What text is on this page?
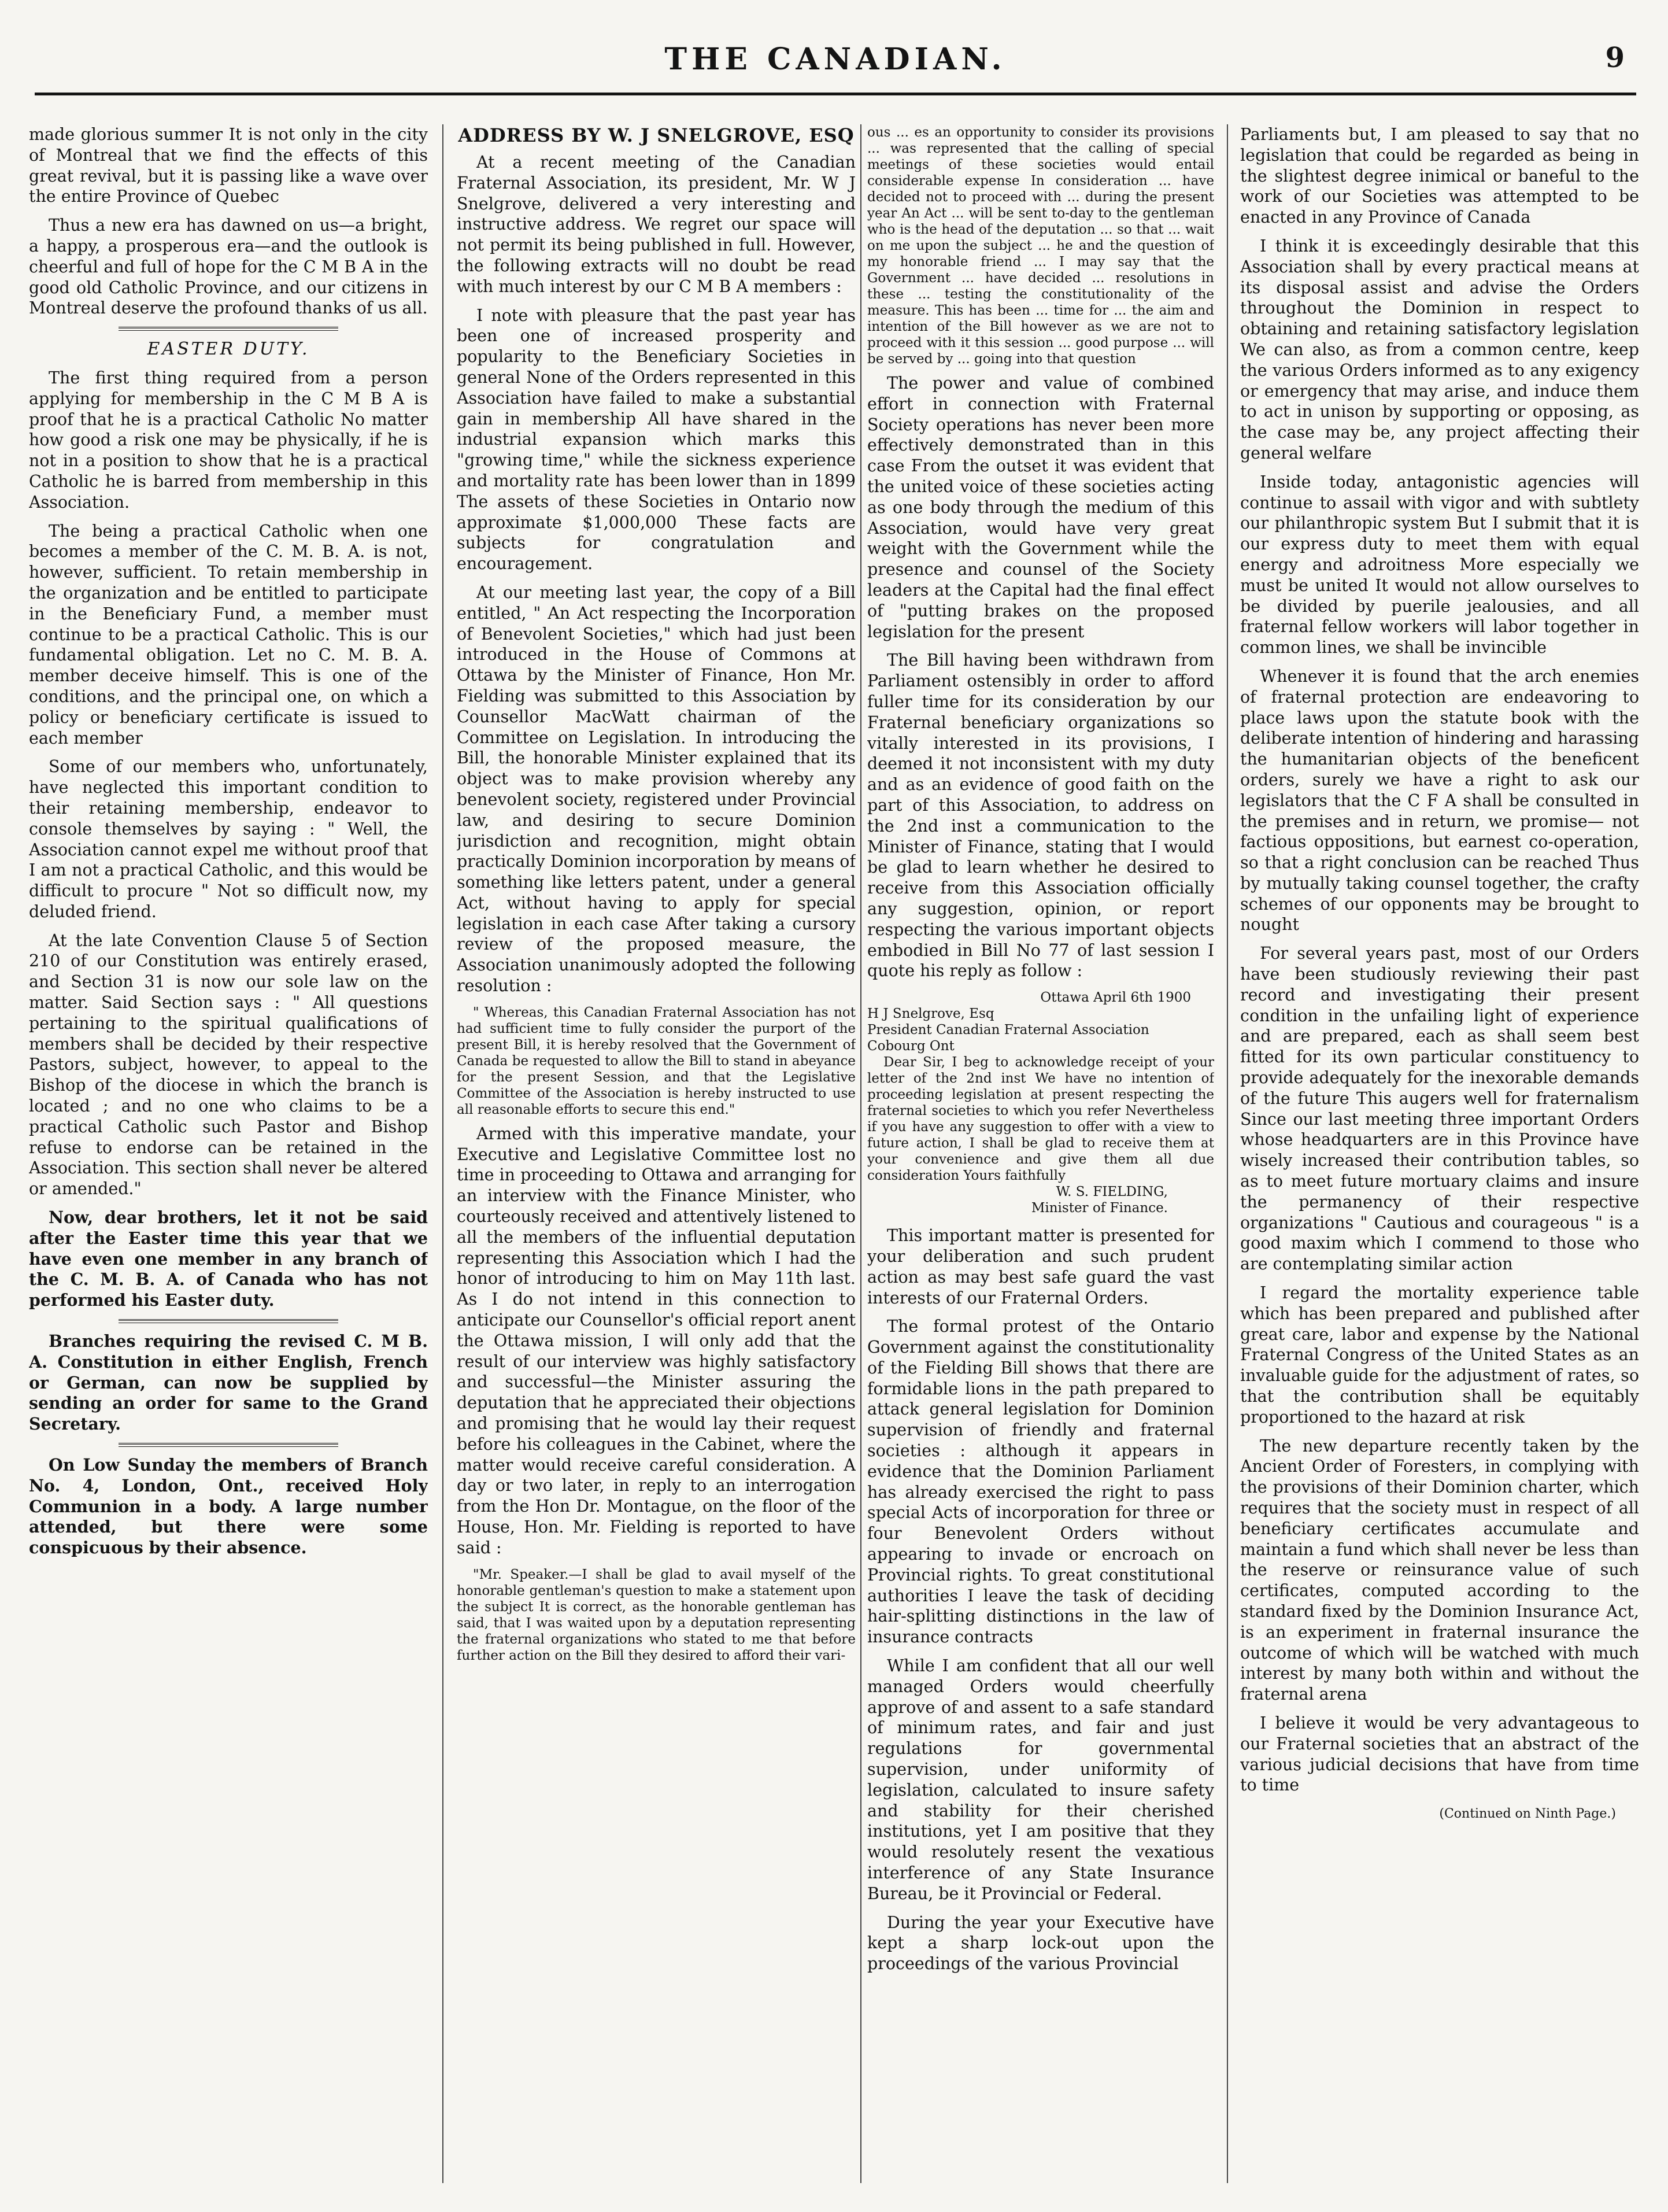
THE CANADIAN.	9

made glorious summer It is not only in the city of Montreal that we find the effects of this great revival, but it is passing like a wave over the entire Province of Quebec

Thus a new era has dawned on us—a bright, a happy, a prosperous era—and the outlook is cheerful and full of hope for the C M B A in the good old Catholic Province, and our citizens in Montreal deserve the profound thanks of us all.

EASTER DUTY.

The first thing required from a person applying for membership in the C M B A is proof that he is a practical Catholic No matter how good a risk one may be physically, if he is not in a position to show that he is a practical Catholic he is barred from membership in this Association.

The being a practical Catholic when one becomes a member of the C. M. B. A. is not, however, sufficient. To retain membership in the organization and be entitled to participate in the Beneficiary Fund, a member must continue to be a practical Catholic. This is our fundamental obligation. Let no C. M. B. A. member deceive himself. This is one of the conditions, and the principal one, on which a policy or beneficiary certificate is issued to each member

Some of our members who, unfortunately, have neglected this important condition to their retaining membership, endeavor to console themselves by saying : " Well, the Association cannot expel me without proof that I am not a practical Catholic, and this would be difficult to procure " Not so difficult now, my deluded friend.

At the late Convention Clause 5 of Section 210 of our Constitution was entirely erased, and Section 31 is now our sole law on the matter. Said Section says : " All questions pertaining to the spiritual qualifications of members shall be decided by their respective Pastors, subject, however, to appeal to the Bishop of the diocese in which the branch is located ; and no one who claims to be a practical Catholic such Pastor and Bishop refuse to endorse can be retained in the Association. This section shall never be altered or amended."

Now, dear brothers, let it not be said after the Easter time this year that we have even one member in any branch of the C. M. B. A. of Canada who has not performed his Easter duty.

Branches requiring the revised C. M B. A. Constitution in either English, French or German, can now be supplied by sending an order for same to the Grand Secretary.

On Low Sunday the members of Branch No. 4, London, Ont., received Holy Communion in a body. A large number attended, but there were some conspicuous by their absence.

ADDRESS BY W. J SNELGROVE, ESQ

At a recent meeting of the Canadian Fraternal Association, its president, Mr. W J Snelgrove, delivered a very interesting and instructive address. We regret our space will not permit its being published in full. However, the following extracts will no doubt be read with much interest by our C M B A members :

I note with pleasure that the past year has been one of increased prosperity and popularity to the Beneficiary Societies in general None of the Orders represented in this Association have failed to make a substantial gain in membership All have shared in the industrial expansion which marks this "growing time," while the sickness experience and mortality rate has been lower than in 1899 The assets of these Societies in Ontario now approximate $1,000,000 These facts are subjects for congratulation and encouragement.

At our meeting last year, the copy of a Bill entitled, " An Act respecting the Incorporation of Benevolent Societies," which had just been introduced in the House of Commons at Ottawa by the Minister of Finance, Hon Mr. Fielding was submitted to this Association by Counsellor MacWatt chairman of the Committee on Legislation. In introducing the Bill, the honorable Minister explained that its object was to make provision whereby any benevolent society, registered under Provincial law, and desiring to secure Dominion jurisdiction and recognition, might obtain practically Dominion incorporation by means of something like letters patent, under a general Act, without having to apply for special legislation in each case After taking a cursory review of the proposed measure, the Association unanimously adopted the following resolution :

" Whereas, this Canadian Fraternal Association has not had sufficient time to fully consider the purport of the present Bill, it is hereby resolved that the Government of Canada be requested to allow the Bill to stand in abeyance for the present Session, and that the Legislative Committee of the Association is hereby instructed to use all reasonable efforts to secure this end."

Armed with this imperative mandate, your Executive and Legislative Committee lost no time in proceeding to Ottawa and arranging for an interview with the Finance Minister, who courteously received and attentively listened to all the members of the influential deputation representing this Association which I had the honor of introducing to him on May 11th last. As I do not intend in this connection to anticipate our Counsellor's official report anent the Ottawa mission, I will only add that the result of our interview was highly satisfactory and successful—the Minister assuring the deputation that he appreciated their objections and promising that he would lay their request before his colleagues in the Cabinet, where the matter would receive careful consideration. A day or two later, in reply to an interrogation from the Hon Dr. Montague, on the floor of the House, Hon. Mr. Fielding is reported to have said :

"Mr. Speaker.—I shall be glad to avail myself of the honorable gentleman's question to make a statement upon the subject It is correct, as the honorable gentleman has said, that I was waited upon by a deputation representing the fraternal organizations who stated to me that before further action on the Bill they desired to afford their vari-

ous ... es an opportunity to consider its provisions ... was represented that the calling of special meetings of these societies would entail considerable expense In consideration ... have decided not to proceed with ... during the present year An Act ... will be sent to-day to the gentleman who is the head of the deputation ... so that ... wait on me upon the subject ... he and the question of my honorable friend ... I may say that the Government ... have decided ... resolutions in these ... testing the constitutionality of the measure. This has been ... time for ... the aim and intention of the Bill however as we are not to proceed with it this session ... good purpose ... will be served by ... going into that question

The power and value of combined effort in connection with Fraternal Society operations has never been more effectively demonstrated than in this case From the outset it was evident that the united voice of these societies acting as one body through the medium of this Association, would have very great weight with the Government while the presence and counsel of the Society leaders at the Capital had the final effect of "putting brakes on the proposed legislation for the present

The Bill having been withdrawn from Parliament ostensibly in order to afford fuller time for its consideration by our Fraternal beneficiary organizations so vitally interested in its provisions, I deemed it not inconsistent with my duty and as an evidence of good faith on the part of this Association, to address on the 2nd inst a communication to the Minister of Finance, stating that I would be glad to learn whether he desired to receive from this Association officially any suggestion, opinion, or report respecting the various important objects embodied in Bill No 77 of last session I quote his reply as follow :

Ottawa April 6th 1900
H J Snelgrove, Esq
President Canadian Fraternal Association
Cobourg Ont
Dear Sir, I beg to acknowledge receipt of your letter of the 2nd inst We have no intention of proceeding legislation at present respecting the fraternal societies to which you refer Nevertheless if you have any suggestion to offer with a view to future action, I shall be glad to receive them at your convenience and give them all due consideration Yours faithfully
W. S. FIELDING,
Minister of Finance.

This important matter is presented for your deliberation and such prudent action as may best safe guard the vast interests of our Fraternal Orders.

The formal protest of the Ontario Government against the constitutionality of the Fielding Bill shows that there are formidable lions in the path prepared to attack general legislation for Dominion supervision of friendly and fraternal societies : although it appears in evidence that the Dominion Parliament has already exercised the right to pass special Acts of incorporation for three or four Benevolent Orders without appearing to invade or encroach on Provincial rights. To great constitutional authorities I leave the task of deciding hair-splitting distinctions in the law of insurance contracts

While I am confident that all our well managed Orders would cheerfully approve of and assent to a safe standard of minimum rates, and fair and just regulations for governmental supervision, under uniformity of legislation, calculated to insure safety and stability for their cherished institutions, yet I am positive that they would resolutely resent the vexatious interference of any State Insurance Bureau, be it Provincial or Federal.

During the year your Executive have kept a sharp lock-out upon the proceedings of the various Provincial

Parliaments but, I am pleased to say that no legislation that could be regarded as being in the slightest degree inimical or baneful to the work of our Societies was attempted to be enacted in any Province of Canada

I think it is exceedingly desirable that this Association shall by every practical means at its disposal assist and advise the Orders throughout the Dominion in respect to obtaining and retaining satisfactory legislation We can also, as from a common centre, keep the various Orders informed as to any exigency or emergency that may arise, and induce them to act in unison by supporting or opposing, as the case may be, any project affecting their general welfare

Inside today, antagonistic agencies will continue to assail with vigor and with subtlety our philanthropic system But I submit that it is our express duty to meet them with equal energy and adroitness More especially we must be united It would not allow ourselves to be divided by puerile jealousies, and all fraternal fellow workers will labor together in common lines, we shall be invincible

Whenever it is found that the arch enemies of fraternal protection are endeavoring to place laws upon the statute book with the deliberate intention of hindering and harassing the humanitarian objects of the beneficent orders, surely we have a right to ask our legislators that the C F A shall be consulted in the premises and in return, we promise— not factious oppositions, but earnest co-operation, so that a right conclusion can be reached Thus by mutually taking counsel together, the crafty schemes of our opponents may be brought to nought

For several years past, most of our Orders have been studiously reviewing their past record and investigating their present condition in the unfailing light of experience and are prepared, each as shall seem best fitted for its own particular constituency to provide adequately for the inexorable demands of the future This augers well for fraternalism Since our last meeting three important Orders whose headquarters are in this Province have wisely increased their contribution tables, so as to meet future mortuary claims and insure the permanency of their respective organizations " Cautious and courageous " is a good maxim which I commend to those who are contemplating similar action

I regard the mortality experience table which has been prepared and published after great care, labor and expense by the National Fraternal Congress of the United States as an invaluable guide for the adjustment of rates, so that the contribution shall be equitably proportioned to the hazard at risk

The new departure recently taken by the Ancient Order of Foresters, in complying with the provisions of their Dominion charter, which requires that the society must in respect of all beneficiary certificates accumulate and maintain a fund which shall never be less than the reserve or reinsurance value of such certificates, computed according to the standard fixed by the Dominion Insurance Act, is an experiment in fraternal insurance the outcome of which will be watched with much interest by many both within and without the fraternal arena

I believe it would be very advantageous to our Fraternal societies that an abstract of the various judicial decisions that have from time to time

(Continued on Ninth Page.)
